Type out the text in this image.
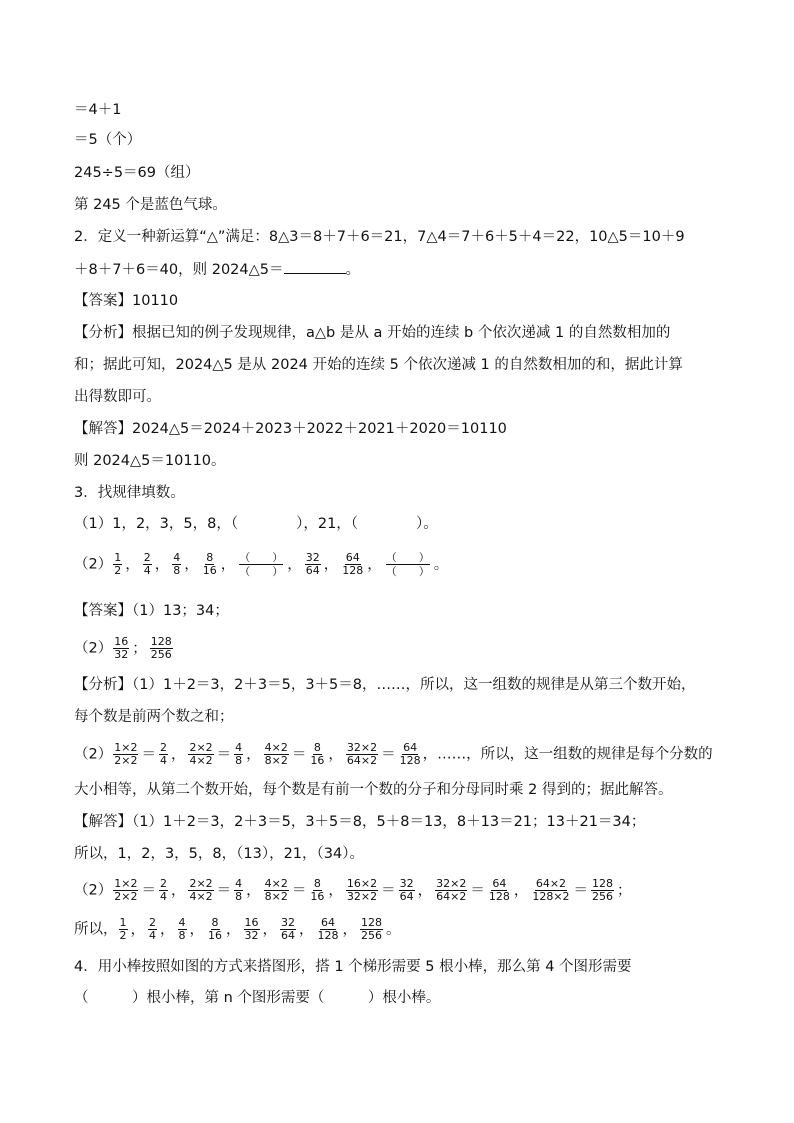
＝4＋1
＝5（个）
245÷5＝69（组）
第 245 个是蓝色气球。
2．定义一种新运算“△”满足：8△3＝8＋7＋6＝21，7△4＝7＋6＋5＋4＝22，10△5＝10＋9
＋8＋7＋6＝40，则 2024△5＝	。
【答案】10110
【分析】根据已知的例子发现规律，a△b 是从 a 开始的连续 b 个依次递减 1 的自然数相加的
和；据此可知，2024△5 是从 2024 开始的连续 5 个依次递减 1 的自然数相加的和，据此计算
出得数即可。
【解答】2024△5＝2024＋2023＋2022＋2021＋2020＝10110
则 2024△5＝10110。
3．找规律填数。
（1）1，2，3，5，8，（　　　　），21，（　　　　）。
$(2) \frac{1}{2}$ ， $\frac{2}{4}$ ， $\frac{4}{8}$ ， $\frac{8}{16}$ ， $\frac{( )}{( )}$ ， $\frac{32}{64}$ ， $\frac{64}{128}$ ， $\frac{( )}{( )}$ 。
【答案】（1）13；34；
$(2) \frac{16}{32}$ ； $\frac{128}{256}$
【分析】（1）1＋2＝3，2＋3＝5，3＋5＝8，……，所以，这一组数的规律是从第三个数开始，
每个数是前两个数之和；
$(2) \frac{1\times 2}{2\times 2} = \frac{2}{4}$ ， $\frac{2\times 2}{4\times 2} = \frac{4}{8}$ ， $\frac{4\times 2}{8\times 2} = \frac{8}{16}$ ， $\frac{32\times 2}{64\times 2} = \frac{64}{128}$ ，……，所以，这一组数的规律是每个分数的
大小相等，从第二个数开始，每个数是有前一个数的分子和分母同时乘 2 得到的；据此解答。
【解答】（1）1＋2＝3，2＋3＝5，3＋5＝8，5＋8＝13，8＋13＝21；13＋21＝34；
所以，1，2，3，5，8，（13），21，（34）。
$(2) \frac{1\times 2}{2\times 2} = \frac{2}{4}$ ， $\frac{2\times 2}{4\times 2} = \frac{4}{8}$ ， $\frac{4\times 2}{8\times 2} = \frac{8}{16}$ ， $\frac{16\times 2}{32\times 2} = \frac{32}{64}$ ， $\frac{32\times 2}{64\times 2} = \frac{64}{128}$ ， $\frac{64\times 2}{128\times 2} = \frac{128}{256}$ ；
所以， $\frac{1}{2}$ ， $\frac{2}{4}$ ， $\frac{4}{8}$ ， $\frac{8}{16}$ ， $\frac{16}{32}$ ， $\frac{32}{64}$ ， $\frac{64}{128}$ ， $\frac{128}{256}$ 。
4．用小棒按照如图的方式来搭图形，搭 1 个梯形需要 5 根小棒，那么第 4 个图形需要
（　　　）根小棒，第 n 个图形需要（　　　）根小棒。
